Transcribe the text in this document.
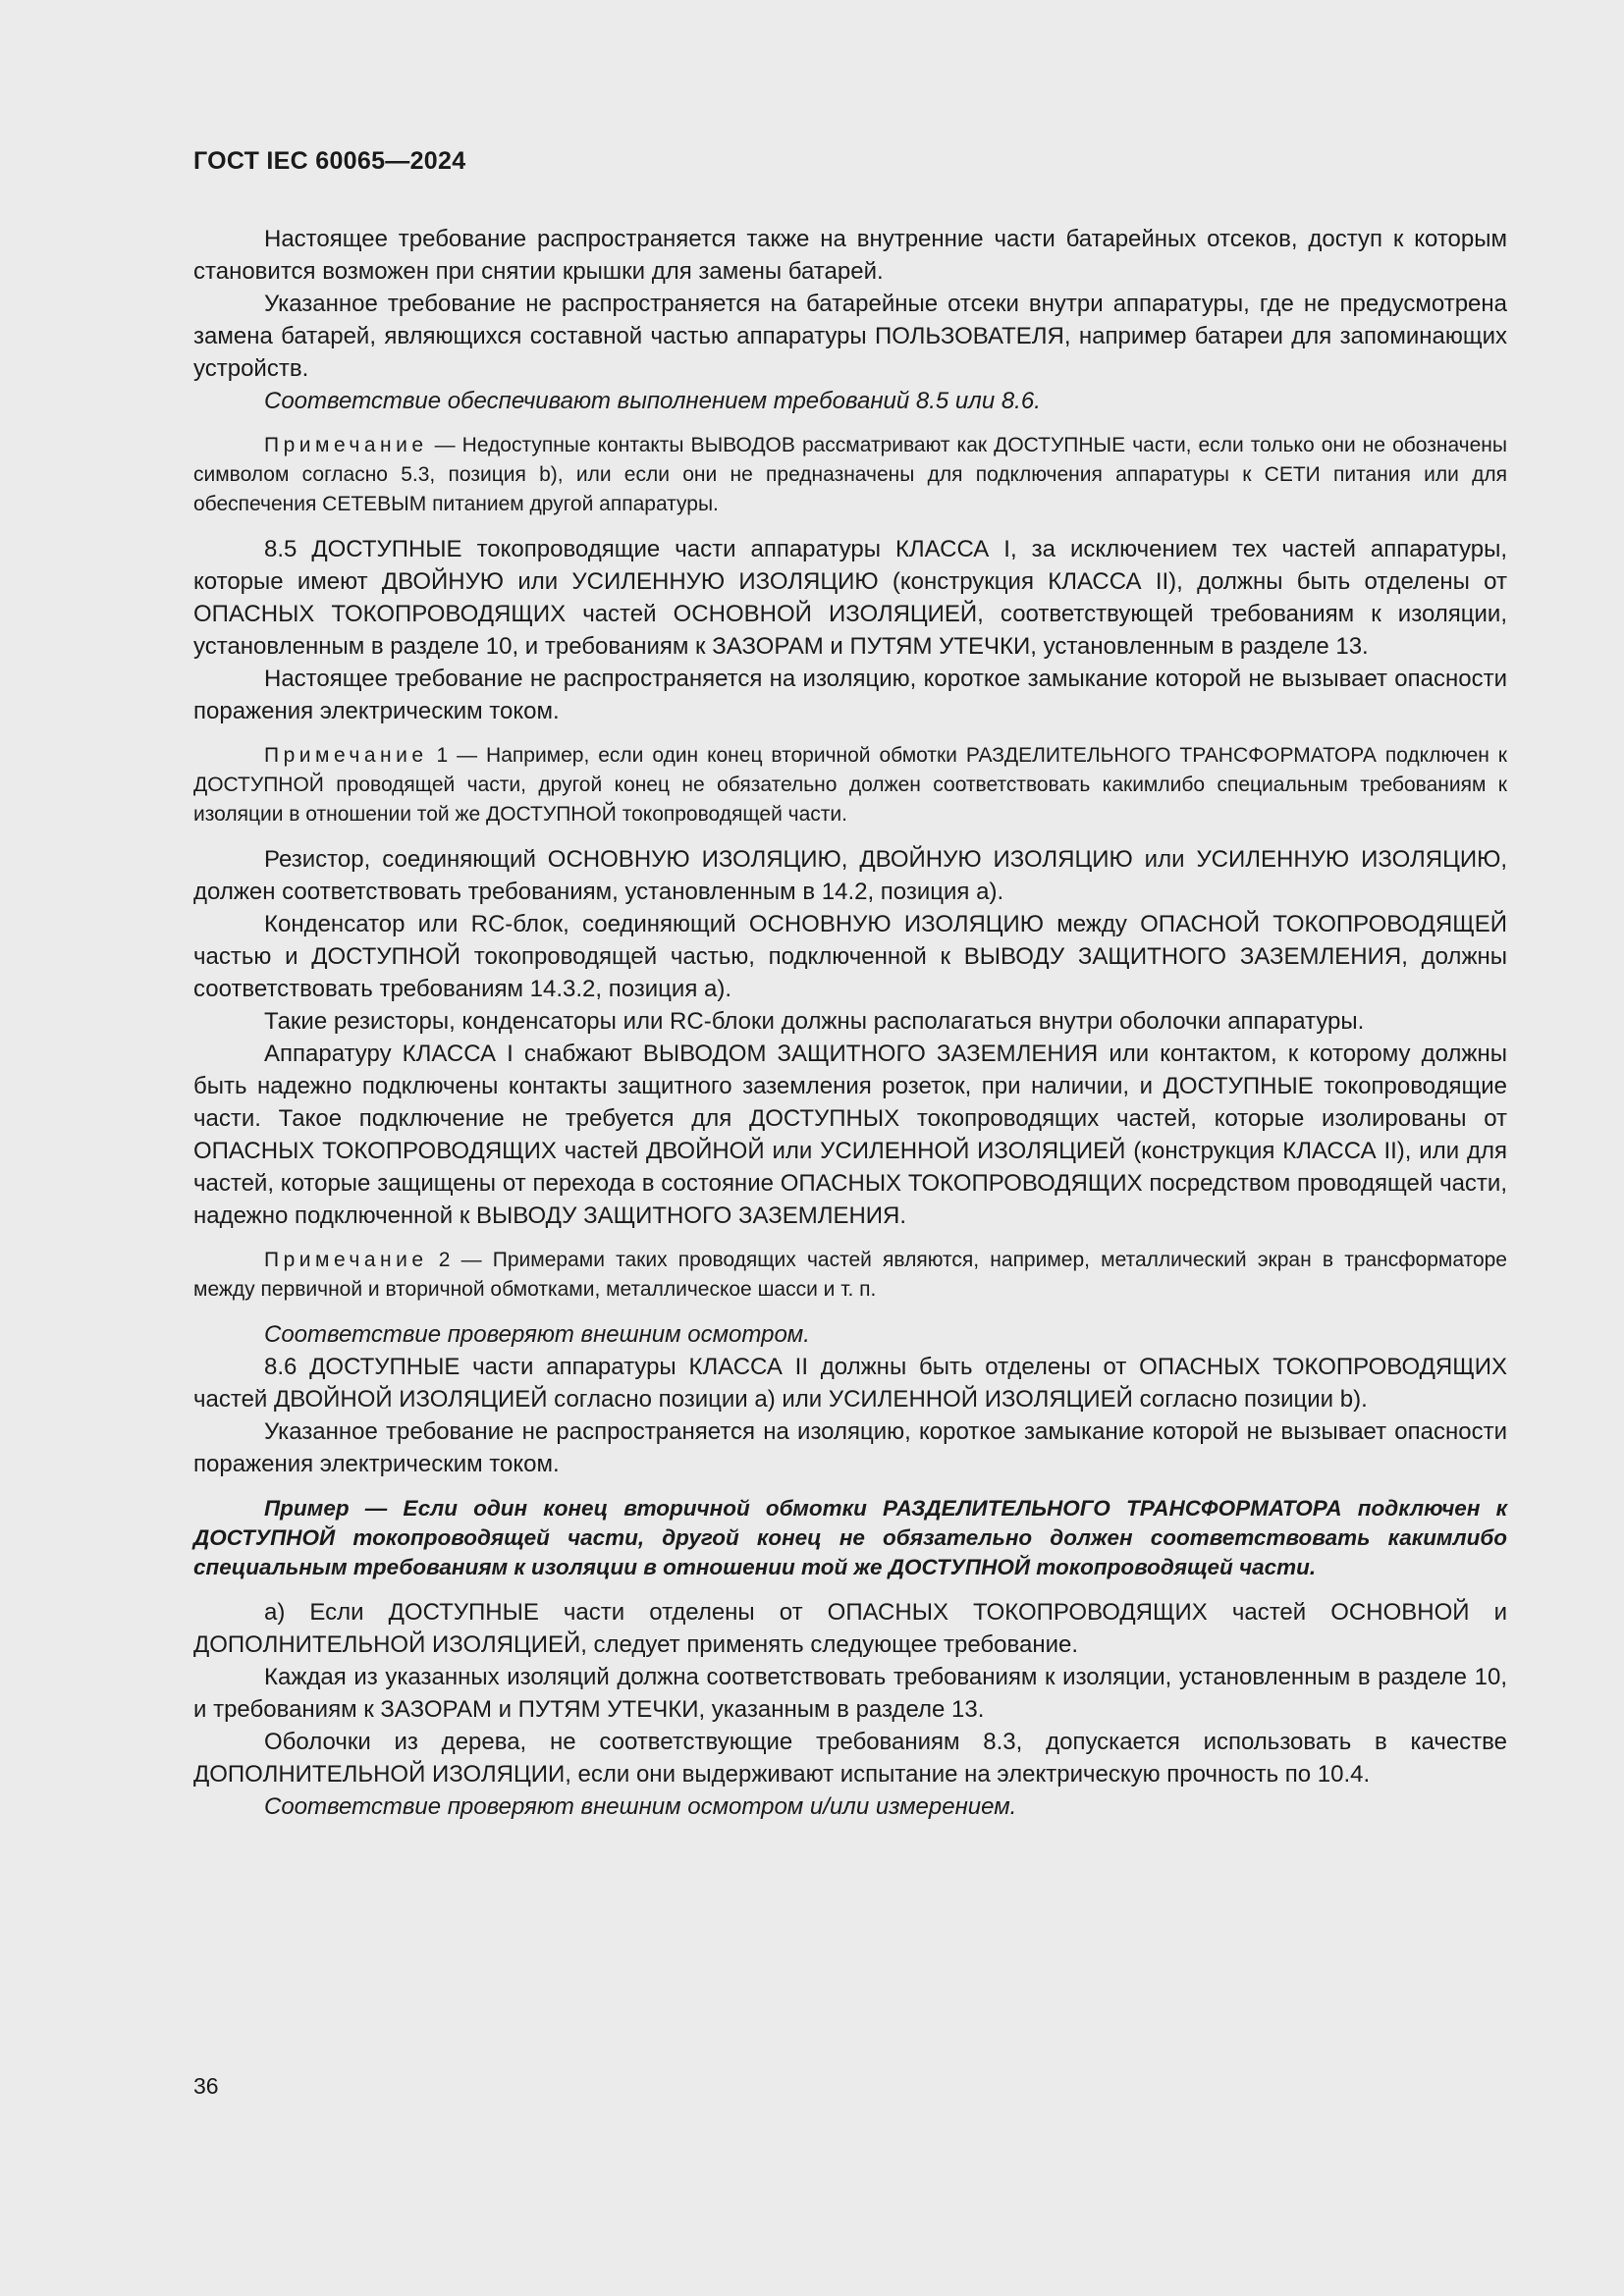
ГОСТ IEC 60065—2024

Настоящее требование распространяется также на внутренние части батарейных отсеков, доступ к которым становится возможен при снятии крышки для замены батарей.

Указанное требование не распространяется на батарейные отсеки внутри аппаратуры, где не предусмотрена замена батарей, являющихся составной частью аппаратуры ПОЛЬЗОВАТЕЛЯ, например батареи для запоминающих устройств.

Соответствие обеспечивают выполнением требований 8.5 или 8.6.

Примечание — Недоступные контакты ВЫВОДОВ рассматривают как ДОСТУПНЫЕ части, если только они не обозначены символом согласно 5.3, позиция b), или если они не предназначены для подключения аппаратуры к СЕТИ питания или для обеспечения СЕТЕВЫМ питанием другой аппаратуры.

8.5 ДОСТУПНЫЕ токопроводящие части аппаратуры КЛАССА I, за исключением тех частей аппаратуры, которые имеют ДВОЙНУЮ или УСИЛЕННУЮ ИЗОЛЯЦИЮ (конструкция КЛАССА II), должны быть отделены от ОПАСНЫХ ТОКОПРОВОДЯЩИХ частей ОСНОВНОЙ ИЗОЛЯЦИЕЙ, соответствующей требованиям к изоляции, установленным в разделе 10, и требованиям к ЗАЗОРАМ и ПУТЯМ УТЕЧКИ, установленным в разделе 13.

Настоящее требование не распространяется на изоляцию, короткое замыкание которой не вызывает опасности поражения электрическим током.

Примечание 1 — Например, если один конец вторичной обмотки РАЗДЕЛИТЕЛЬНОГО ТРАНСФОРМАТОРА подключен к ДОСТУПНОЙ проводящей части, другой конец не обязательно должен соответствовать какимлибо специальным требованиям к изоляции в отношении той же ДОСТУПНОЙ токопроводящей части.

Резистор, соединяющий ОСНОВНУЮ ИЗОЛЯЦИЮ, ДВОЙНУЮ ИЗОЛЯЦИЮ или УСИЛЕННУЮ ИЗОЛЯЦИЮ, должен соответствовать требованиям, установленным в 14.2, позиция а).

Конденсатор или RC-блок, соединяющий ОСНОВНУЮ ИЗОЛЯЦИЮ между ОПАСНОЙ ТОКОПРОВОДЯЩЕЙ частью и ДОСТУПНОЙ токопроводящей частью, подключенной к ВЫВОДУ ЗАЩИТНОГО ЗАЗЕМЛЕНИЯ, должны соответствовать требованиям 14.3.2, позиция а).

Такие резисторы, конденсаторы или RC-блоки должны располагаться внутри оболочки аппаратуры.

Аппаратуру КЛАССА I снабжают ВЫВОДОМ ЗАЩИТНОГО ЗАЗЕМЛЕНИЯ или контактом, к которому должны быть надежно подключены контакты защитного заземления розеток, при наличии, и ДОСТУПНЫЕ токопроводящие части. Такое подключение не требуется для ДОСТУПНЫХ токопроводящих частей, которые изолированы от ОПАСНЫХ ТОКОПРОВОДЯЩИХ частей ДВОЙНОЙ или УСИЛЕННОЙ ИЗОЛЯЦИЕЙ (конструкция КЛАССА II), или для частей, которые защищены от перехода в состояние ОПАСНЫХ ТОКОПРОВОДЯЩИХ посредством проводящей части, надежно подключенной к ВЫВОДУ ЗАЩИТНОГО ЗАЗЕМЛЕНИЯ.

Примечание 2 — Примерами таких проводящих частей являются, например, металлический экран в трансформаторе между первичной и вторичной обмотками, металлическое шасси и т. п.

Соответствие проверяют внешним осмотром.

8.6 ДОСТУПНЫЕ части аппаратуры КЛАССА II должны быть отделены от ОПАСНЫХ ТОКОПРОВОДЯЩИХ частей ДВОЙНОЙ ИЗОЛЯЦИЕЙ согласно позиции а) или УСИЛЕННОЙ ИЗОЛЯЦИЕЙ согласно позиции b).

Указанное требование не распространяется на изоляцию, короткое замыкание которой не вызывает опасности поражения электрическим током.

Пример — Если один конец вторичной обмотки РАЗДЕЛИТЕЛЬНОГО ТРАНСФОРМАТОРА подключен к ДОСТУПНОЙ токопроводящей части, другой конец не обязательно должен соответствовать какимлибо специальным требованиям к изоляции в отношении той же ДОСТУПНОЙ токопроводящей части.

а) Если ДОСТУПНЫЕ части отделены от ОПАСНЫХ ТОКОПРОВОДЯЩИХ частей ОСНОВНОЙ и ДОПОЛНИТЕЛЬНОЙ ИЗОЛЯЦИЕЙ, следует применять следующее требование.

Каждая из указанных изоляций должна соответствовать требованиям к изоляции, установленным в разделе 10, и требованиям к ЗАЗОРАМ и ПУТЯМ УТЕЧКИ, указанным в разделе 13.

Оболочки из дерева, не соответствующие требованиям 8.3, допускается использовать в качестве ДОПОЛНИТЕЛЬНОЙ ИЗОЛЯЦИИ, если они выдерживают испытание на электрическую прочность по 10.4.

Соответствие проверяют внешним осмотром и/или измерением.

36
